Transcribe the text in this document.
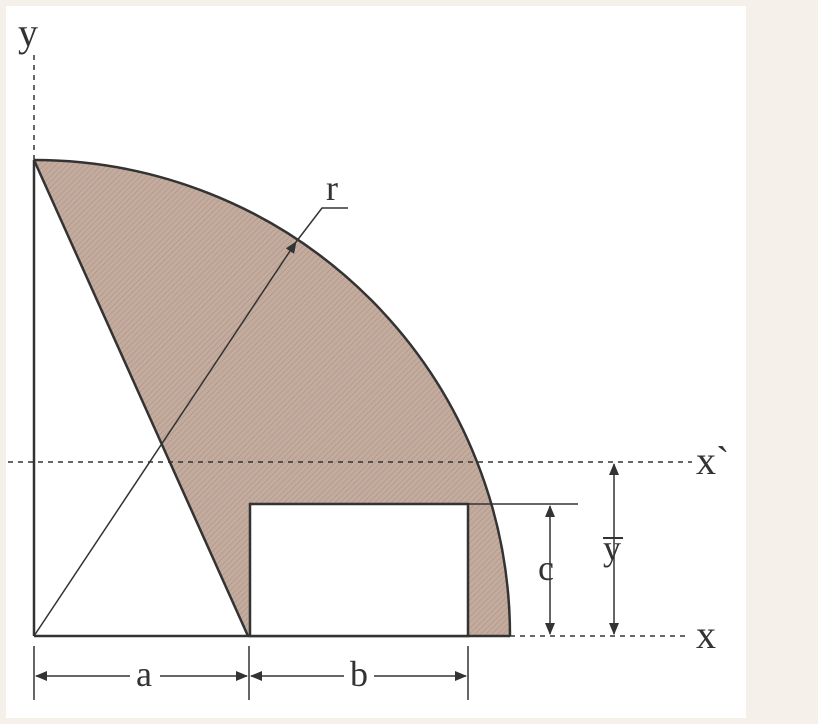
y
x
x`
r
a	b
c y
